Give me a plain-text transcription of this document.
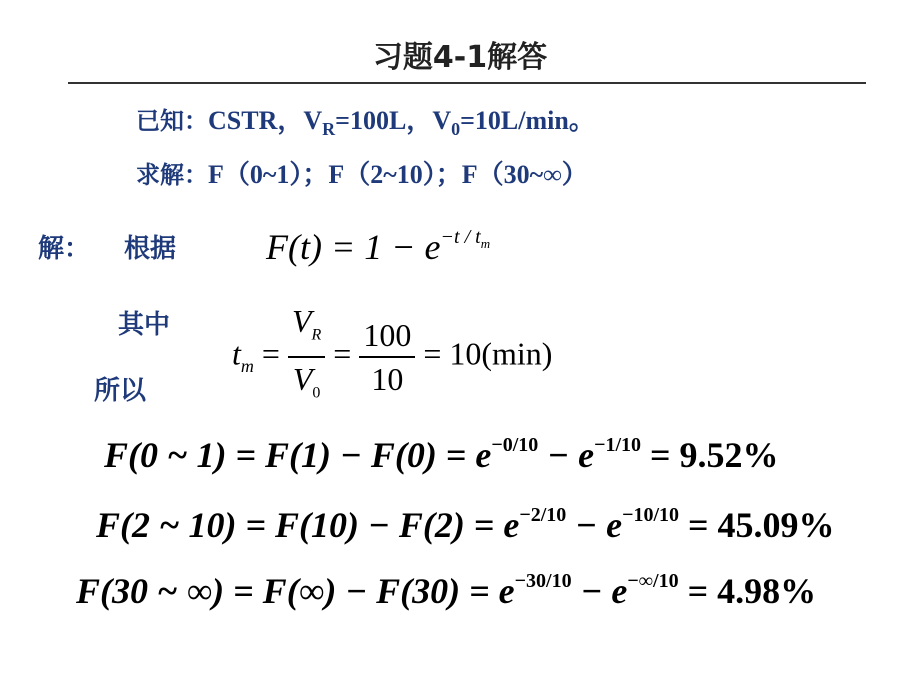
习题4-1解答
已知：CSTR，$V_R=100L$，$V_0=10L/\min$。
求解：F（0~1）；F（2~10）；F（30~∞）
解： 根据
其中
所以
$F(t) = 1 - e^{-t / t_m}$
$t_m = \frac{V_R}{V_0} = \frac{100}{10} = 10(\min)$
F(0 ~ $1) = F(1) - F(0) = e^{-0/10} - e^{-1/10} = 9.52\%$
F(2 ~ $10) = F(10) - F(2) = e^{-2/10} - e^{-10/10} = 45.09\%$
F(30 ~ ∞) = $F(\infty) - F(30) = e^{-30/10} - e^{-\infty/10} = 4.98\%$
